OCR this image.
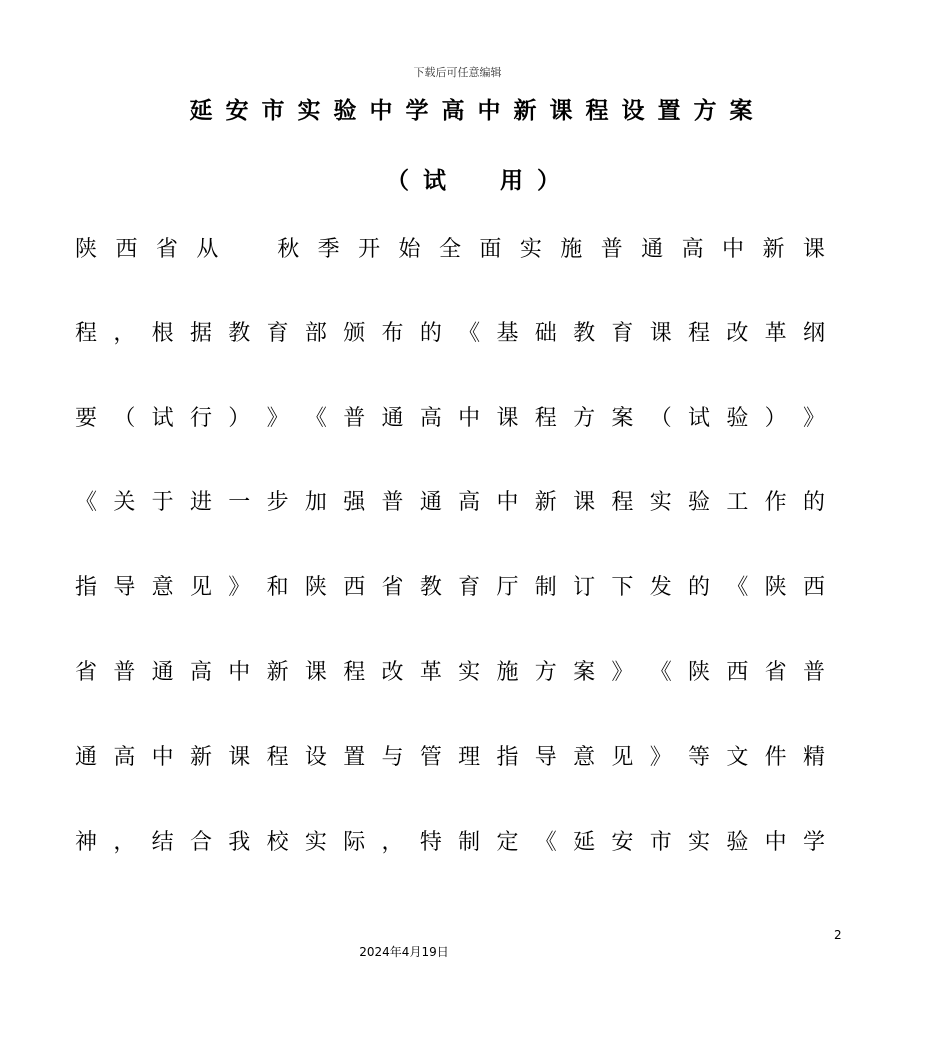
下载后可任意编辑
延安市实验中学高中新课程设置方案
（试 用）
陕 西 省 从
　	秋 季 开 始 全 面 实 施 普 通 高 中 新 课
程 ， 根 据 教 育 部 颁 布 的 《 基 础 教 育 课 程 改 革 纲
要 （ 试 行 ） 》 《 普 通 高 中 课 程 方 案 （ 试 验 ） 》
《 关 于 进 一 步 加 强 普 通 高 中 新 课 程 实 验 工 作 的
指 导 意 见 》 和 陕 西 省 教 育 厅 制 订 下 发 的 《 陕 西
省 普 通 高 中 新 课 程 改 革 实 施 方 案 》 《 陕 西 省 普
通 高 中 新 课 程 设 置 与 管 理 指 导 意 见 》 等 文 件 精
神 ， 结 合 我 校 实 际 ， 特 制 定 《 延 安 市 实 验 中 学
2
2024年4月19日
